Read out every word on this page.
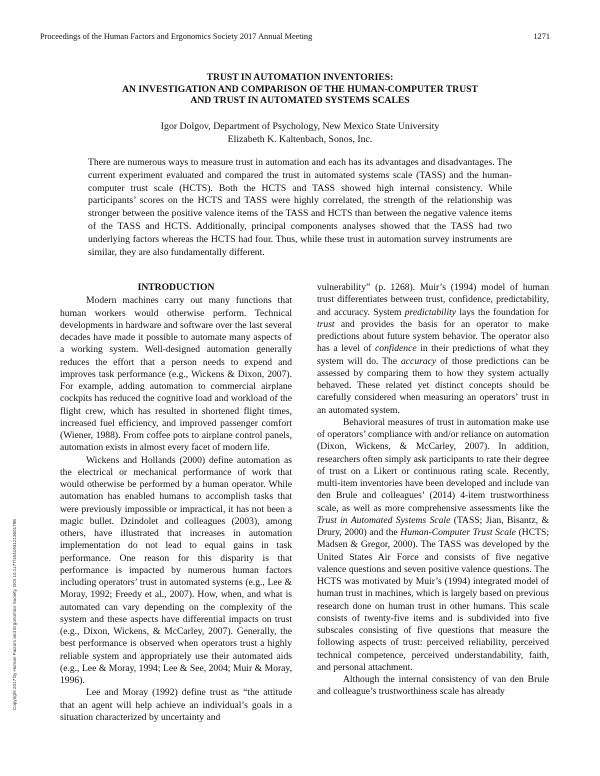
Proceedings of the Human Factors and Ergonomics Society 2017 Annual Meeting	1271
TRUST IN AUTOMATION INVENTORIES:
AN INVESTIGATION AND COMPARISON OF THE HUMAN-COMPUTER TRUST
AND TRUST IN AUTOMATED SYSTEMS SCALES
Igor Dolgov, Department of Psychology, New Mexico State University
Elizabeth K. Kaltenbach, Sonos, Inc.

There are numerous ways to measure trust in automation and each has its advantages and disadvantages. The current experiment evaluated and compared the trust in automated systems scale (TASS) and the human-computer trust scale (HCTS). Both the HCTS and TASS showed high internal consistency. While participants’ scores on the HCTS and TASS were highly correlated, the strength of the relationship was stronger between the positive valence items of the TASS and HCTS than between the negative valence items of the TASS and HCTS. Additionally, principal components analyses showed that the TASS had two underlying factors whereas the HCTS had four. Thus, while these trust in automation survey instruments are similar, they are also fundamentally different.

INTRODUCTION

Modern machines carry out many functions that human workers would otherwise perform. Technical developments in hardware and software over the last several decades have made it possible to automate many aspects of a working system. Well-designed automation generally reduces the effort that a person needs to expend and improves task performance (e.g., Wickens & Dixon, 2007). For example, adding automation to commercial airplane cockpits has reduced the cognitive load and workload of the flight crew, which has resulted in shortened flight times, increased fuel efficiency, and improved passenger comfort (Wiener, 1988). From coffee pots to airplane control panels, automation exists in almost every facet of modern life.

Wickens and Hollands (2000) define automation as the electrical or mechanical performance of work that would otherwise be performed by a human operator. While automation has enabled humans to accomplish tasks that were previously impossible or impractical, it has not been a magic bullet. Dzindolet and colleagues (2003), among others, have illustrated that increases in automation implementation do not lead to equal gains in task performance. One reason for this disparity is that performance is impacted by numerous human factors including operators’ trust in automated systems (e.g., Lee & Moray, 1992; Freedy et al., 2007). How, when, and what is automated can vary depending on the complexity of the system and these aspects have differential impacts on trust (e.g., Dixon, Wickens, & McCarley, 2007). Generally, the best performance is observed when operators trust a highly reliable system and appropriately use their automated aids (e.g., Lee & Moray, 1994; Lee & See, 2004; Muir & Moray, 1996).

Lee and Moray (1992) define trust as “the attitude that an agent will help achieve an individual’s goals in a situation characterized by uncertainty and

vulnerability” (p. 1268). Muir’s (1994) model of human trust differentiates between trust, confidence, predictability, and accuracy. System predictability lays the foundation for trust and provides the basis for an operator to make predictions about future system behavior. The operator also has a level of confidence in their predictions of what they system will do. The accuracy of those predictions can be assessed by comparing them to how they system actually behaved. These related yet distinct concepts should be carefully considered when measuring an operators’ trust in an automated system.

Behavioral measures of trust in automation make use of operators’ compliance with and/or reliance on automation (Dixon, Wickens, & McCarley, 2007). In addition, researchers often simply ask participants to rate their degree of trust on a Likert or continuous rating scale. Recently, multi-item inventories have been developed and include van den Brule and colleagues’ (2014) 4-item trustworthiness scale, as well as more comprehensive assessments like the Trust in Automated Systems Scale (TASS; Jian, Bisantz, & Drury, 2000) and the Human-Computer Trust Scale (HCTS; Madsen & Gregor, 2000). The TASS was developed by the United States Air Force and consists of five negative valence questions and seven positive valence questions. The HCTS was motivated by Muir’s (1994) integrated model of human trust in machines, which is largely based on previous research done on human trust in other humans. This scale consists of twenty-five items and is subdivided into five subscales consisting of five questions that measure the following aspects of trust: perceived reliability, perceived technical competence, perceived understandability, faith, and personal attachment.

Although the internal consistency of van den Brule and colleague’s trustworthiness scale has already

Copyright 2017 by Human Factors and Ergonomics Society. DOI 10.1177/1541931213601798
